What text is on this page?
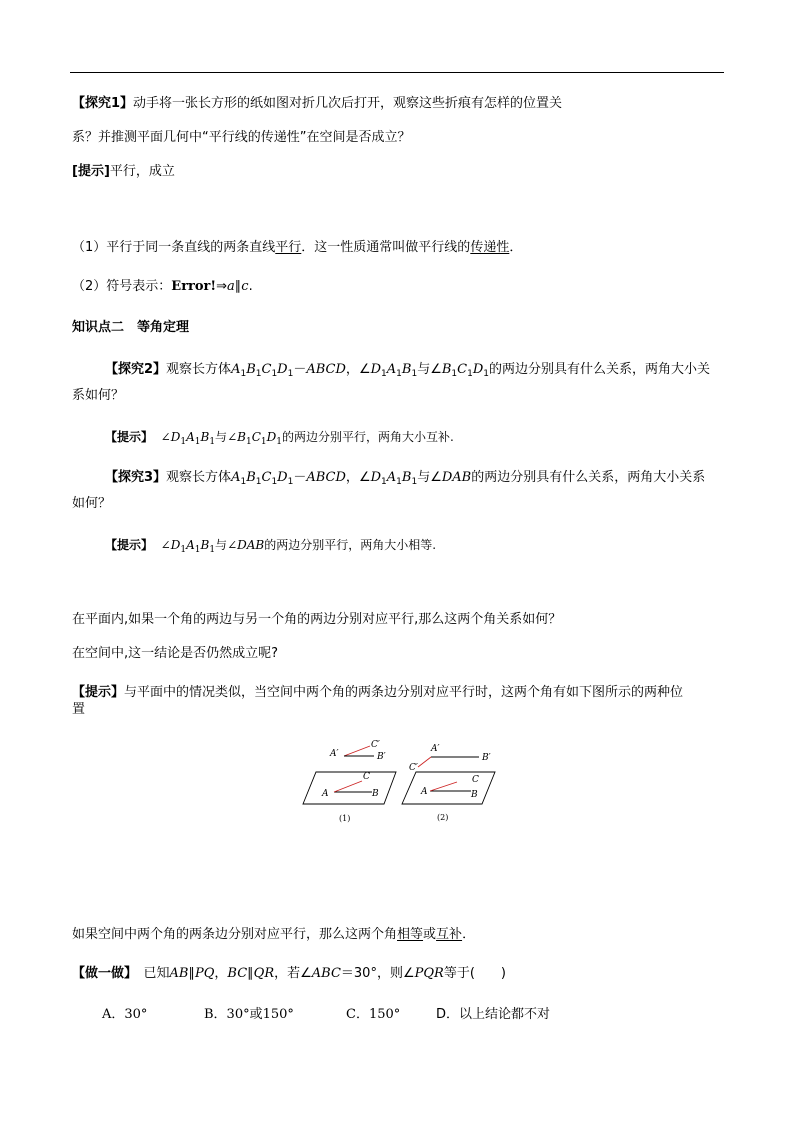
【探究1】动手将一张长方形的纸如图对折几次后打开，观察这些折痕有怎样的位置关
系？并推测平面几何中“平行线的传递性”在空间是否成立？
[提示]平行，成立
（1）平行于同一条直线的两条直线平行．这一性质通常叫做平行线的传递性．
（2）符号表示：Error!⇒a∥c.
知识点二　等角定理
【探究2】观察长方体$A_1B_1C_1D_1-ABCD$，$\angle D_1A_1B_1$与$\angle B_1C_1D_1$的两边分别具有什么关系，两角大小关
系如何？
【提示】 $\angle D_1A_1B_1$与$\angle B_1C_1D_1$的两边分别平行，两角大小互补.
【探究3】观察长方体$A_1B_1C_1D_1-ABCD$，$\angle D_1A_1B_1$与∠DAB的两边分别具有什么关系，两角大小关系
如何？
【提示】 $\angle D_1A_1B_1$与∠DAB的两边分别平行，两角大小相等.
在平面内,如果一个角的两边与另一个角的两边分别对应平行,那么这两个角关系如何？
在空间中,这一结论是否仍然成立呢?
【提示】与平面中的情况类似，当空间中两个角的两条边分别对应平行时，这两个角有如下图所示的两种位
置
A′
C′
B′
A
C
B
(1)
A′
B′
C′
A
C
B
(2)
如果空间中两个角的两条边分别对应平行，那么这两个角相等或互补．
【做一做】　已知AB∥PQ，BC∥QR，若∠ABC＝30°，则∠PQR等于(　　)
A．30°	B．30°或150°	C．150°	D．以上结论都不对
